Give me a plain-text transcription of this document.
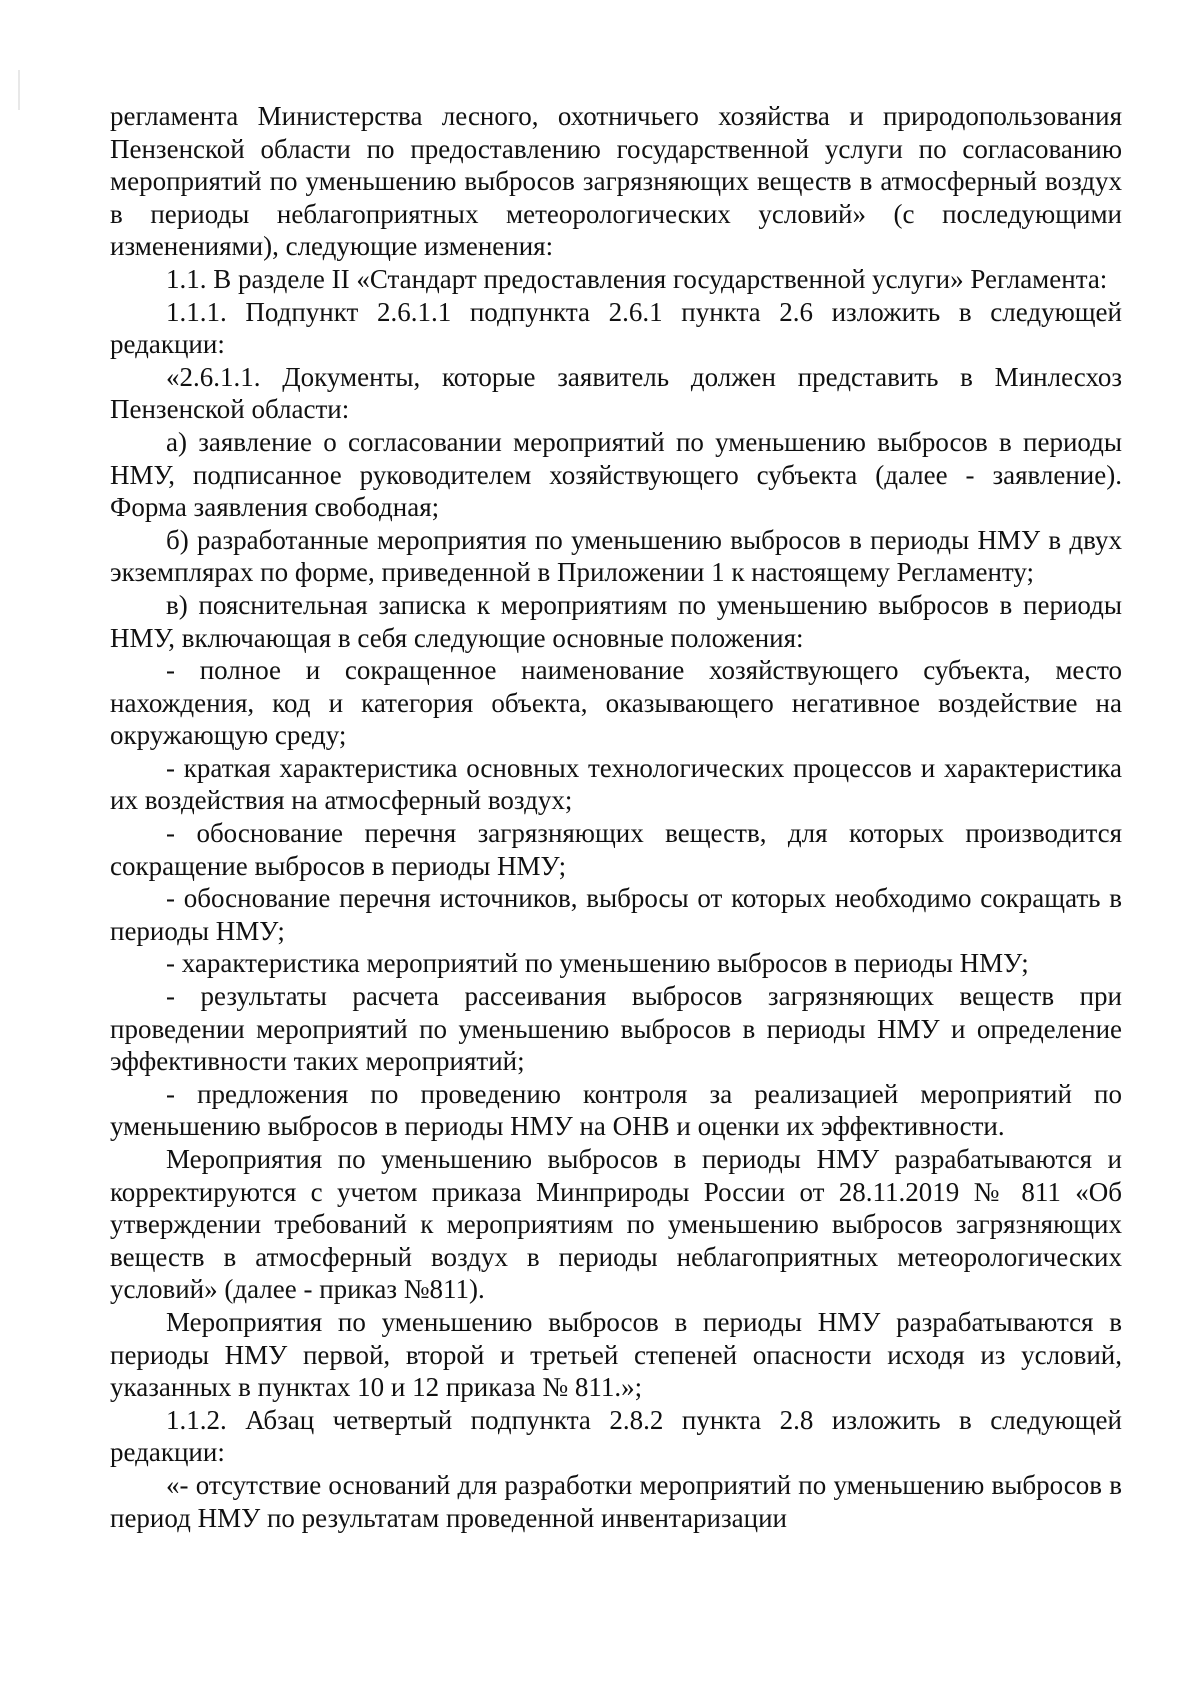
регламента Министерства лесного, охотничьего хозяйства и природопользования Пензенской области по предоставлению государственной услуги по согласованию мероприятий по уменьшению выбросов загрязняющих веществ в атмосферный воздух в периоды неблагоприятных метеорологических условий» (с последующими изменениями), следующие изменения:

1.1. В разделе II «Стандарт предоставления государственной услуги» Регламента:

1.1.1. Подпункт 2.6.1.1 подпункта 2.6.1 пункта 2.6 изложить в следующей редакции:

«2.6.1.1. Документы, которые заявитель должен представить в Минлесхоз Пензенской области:

а) заявление о согласовании мероприятий по уменьшению выбросов в периоды НМУ, подписанное руководителем хозяйствующего субъекта (далее - заявление). Форма заявления свободная;

б) разработанные мероприятия по уменьшению выбросов в периоды НМУ в двух экземплярах по форме, приведенной в Приложении 1 к настоящему Регламенту;

в) пояснительная записка к мероприятиям по уменьшению выбросов в периоды НМУ, включающая в себя следующие основные положения:

- полное и сокращенное наименование хозяйствующего субъекта, место нахождения, код и категория объекта, оказывающего негативное воздействие на окружающую среду;

- краткая характеристика основных технологических процессов и характеристика их воздействия на атмосферный воздух;

- обоснование перечня загрязняющих веществ, для которых производится сокращение выбросов в периоды НМУ;

- обоснование перечня источников, выбросы от которых необходимо сокращать в периоды НМУ;

- характеристика мероприятий по уменьшению выбросов в периоды НМУ;

- результаты расчета рассеивания выбросов загрязняющих веществ при проведении мероприятий по уменьшению выбросов в периоды НМУ и определение эффективности таких мероприятий;

- предложения по проведению контроля за реализацией мероприятий по уменьшению выбросов в периоды НМУ на ОНВ и оценки их эффективности.

Мероприятия по уменьшению выбросов в периоды НМУ разрабатываются и корректируются с учетом приказа Минприроды России от 28.11.2019 № 811 «Об утверждении требований к мероприятиям по уменьшению выбросов загрязняющих веществ в атмосферный воздух в периоды неблагоприятных метеорологических условий» (далее - приказ №811).

Мероприятия по уменьшению выбросов в периоды НМУ разрабатываются в периоды НМУ первой, второй и третьей степеней опасности исходя из условий, указанных в пунктах 10 и 12 приказа № 811.»;

1.1.2. Абзац четвертый подпункта 2.8.2 пункта 2.8 изложить в следующей редакции:

«- отсутствие оснований для разработки мероприятий по уменьшению выбросов в период НМУ по результатам проведенной инвентаризации
